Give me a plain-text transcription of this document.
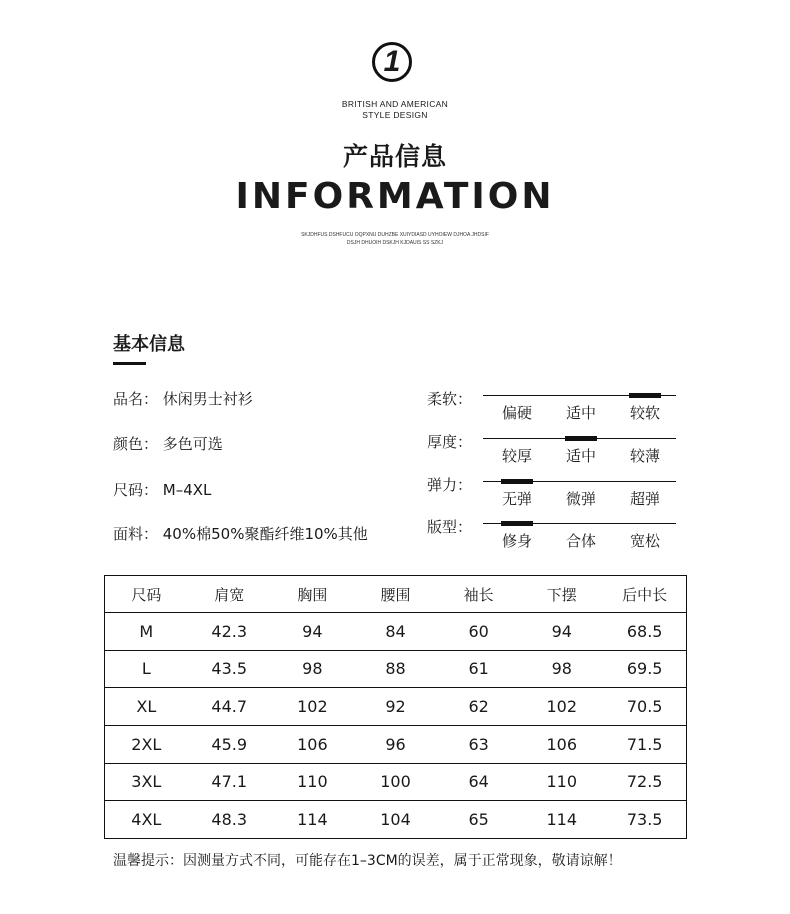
1
BRITISH AND AMERICAN
STYLE DESIGN
产品信息
INFORMATION
SKJDHFUS DSHFUCU OQPXNU DUHZBE XUIYDIASD UYHOIEW DJHOA JHDSIF
DSJH DHUOIH DSKJH KJDAUIS SS SZKJ
基本信息
品名： 休闲男士衬衫
颜色： 多色可选
尺码： M–4XL
面料： 40%棉50%聚酯纤维10%其他
柔软：
偏硬	适中	较软
厚度：
较厚	适中	较薄
弹力：
无弹	微弹	超弹
版型：
修身	合体	宽松
尺码	肩宽	胸围	腰围	袖长	下摆	后中长
M	42.3	94	84	60	94	68.5
L	43.5	98	88	61	98	69.5
XL	44.7	102	92	62	102	70.5
2XL	45.9	106	96	63	106	71.5
3XL	47.1	110	100	64	110	72.5
4XL	48.3	114	104	65	114	73.5
温馨提示：因测量方式不同，可能存在1–3CM的误差，属于正常现象，敬请谅解！
